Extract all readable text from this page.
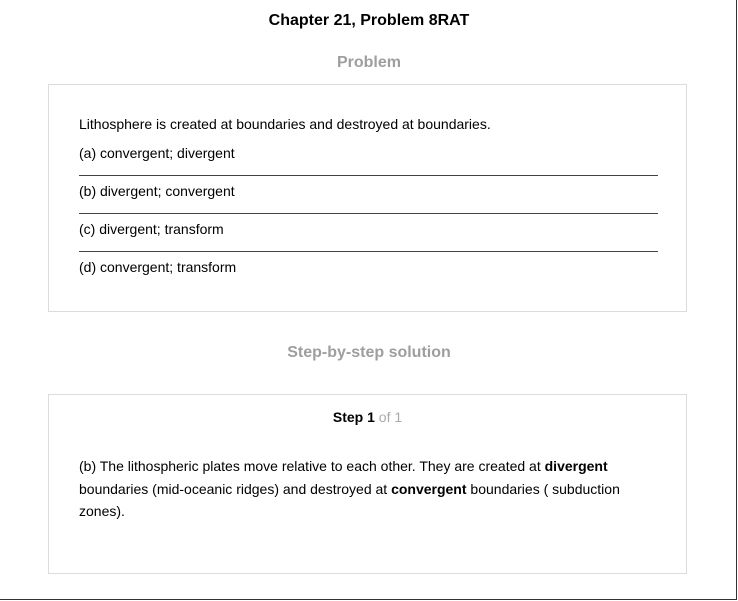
Chapter 21, Problem 8RAT
Problem
Lithosphere is created at boundaries and destroyed at boundaries.
(a) convergent; divergent
(b) divergent; convergent
(c) divergent; transform
(d) convergent; transform
Step-by-step solution
Step 1 of 1
(b) The lithospheric plates move relative to each other. They are created at divergent boundaries (mid-oceanic ridges) and destroyed at convergent boundaries ( subduction zones).
